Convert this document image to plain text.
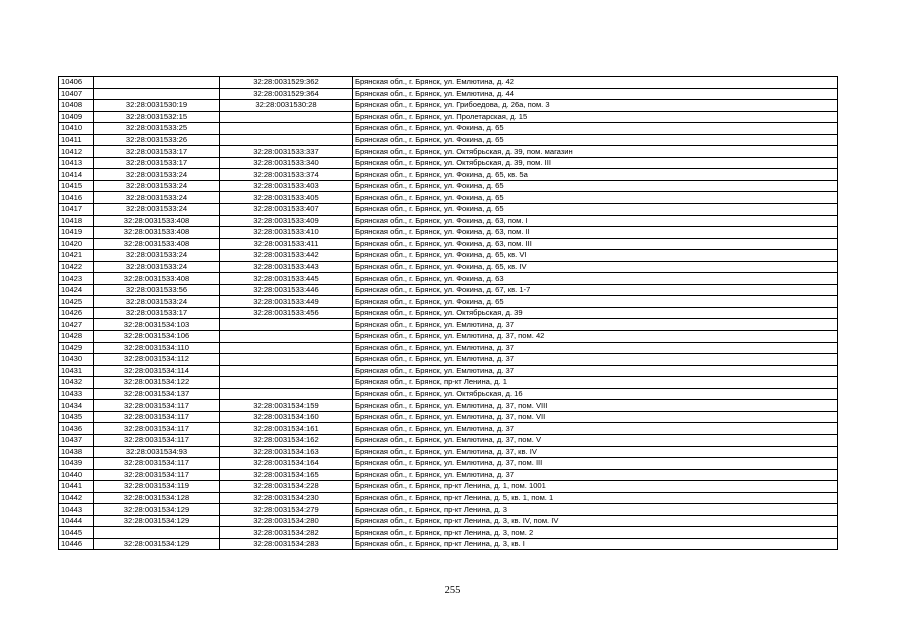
10406		32:28:0031529:362	Брянская обл., г. Брянск, ул. Емлютина, д. 42
10407		32:28:0031529:364	Брянская обл., г. Брянск, ул. Емлютина, д. 44
10408	32:28:0031530:19	32:28:0031530:28	Брянская обл., г. Брянск, ул. Грибоедова, д. 26а, пом. 3
10409	32:28:0031532:15		Брянская обл., г. Брянск, ул. Пролетарская, д. 15
10410	32:28:0031533:25		Брянская обл., г. Брянск, ул. Фокина, д. 65
10411	32:28:0031533:26		Брянская обл., г. Брянск, ул. Фокина, д. 65
10412	32:28:0031533:17	32:28:0031533:337	Брянская обл., г. Брянск, ул. Октябрьская, д. 39, пом. магазин
10413	32:28:0031533:17	32:28:0031533:340	Брянская обл., г. Брянск, ул. Октябрьская, д. 39, пом. III
10414	32:28:0031533:24	32:28:0031533:374	Брянская обл., г. Брянск, ул. Фокина, д. 65, кв. 5а
10415	32:28:0031533:24	32:28:0031533:403	Брянская обл., г. Брянск, ул. Фокина, д. 65
10416	32:28:0031533:24	32:28:0031533:405	Брянская обл., г. Брянск, ул. Фокина, д. 65
10417	32:28:0031533:24	32:28:0031533:407	Брянская обл., г. Брянск, ул. Фокина, д. 65
10418	32:28:0031533:408	32:28:0031533:409	Брянская обл., г. Брянск, ул. Фокина, д. 63, пом. I
10419	32:28:0031533:408	32:28:0031533:410	Брянская обл., г. Брянск, ул. Фокина, д. 63, пом. II
10420	32:28:0031533:408	32:28:0031533:411	Брянская обл., г. Брянск, ул. Фокина, д. 63, пом. III
10421	32:28:0031533:24	32:28:0031533:442	Брянская обл., г. Брянск, ул. Фокина, д. 65, кв. VI
10422	32:28:0031533:24	32:28:0031533:443	Брянская обл., г. Брянск, ул. Фокина, д. 65, кв. IV
10423	32:28:0031533:408	32:28:0031533:445	Брянская обл., г. Брянск, ул. Фокина, д. 63
10424	32:28:0031533:56	32:28:0031533:446	Брянская обл., г. Брянск, ул. Фокина, д. 67, кв. 1-7
10425	32:28:0031533:24	32:28:0031533:449	Брянская обл., г. Брянск, ул. Фокина, д. 65
10426	32:28:0031533:17	32:28:0031533:456	Брянская обл., г. Брянск, ул. Октябрьская, д. 39
10427	32:28:0031534:103		Брянская обл., г. Брянск, ул. Емлютина, д. 37
10428	32:28:0031534:106		Брянская обл., г. Брянск, ул. Емлютина, д. 37, пом. 42
10429	32:28:0031534:110		Брянская обл., г. Брянск, ул. Емлютина, д. 37
10430	32:28:0031534:112		Брянская обл., г. Брянск, ул. Емлютина, д. 37
10431	32:28:0031534:114		Брянская обл., г. Брянск, ул. Емлютина, д. 37
10432	32:28:0031534:122		Брянская обл., г. Брянск, пр-кт Ленина, д. 1
10433	32:28:0031534:137		Брянская обл., г. Брянск, ул. Октябрьская, д. 16
10434	32:28:0031534:117	32:28:0031534:159	Брянская обл., г. Брянск, ул. Емлютина, д. 37, пом. VIII
10435	32:28:0031534:117	32:28:0031534:160	Брянская обл., г. Брянск, ул. Емлютина, д. 37, пом. VII
10436	32:28:0031534:117	32:28:0031534:161	Брянская обл., г. Брянск, ул. Емлютина, д. 37
10437	32:28:0031534:117	32:28:0031534:162	Брянская обл., г. Брянск, ул. Емлютина, д. 37, пом. V
10438	32:28:0031534:93	32:28:0031534:163	Брянская обл., г. Брянск, ул. Емлютина, д. 37, кв. IV
10439	32:28:0031534:117	32:28:0031534:164	Брянская обл., г. Брянск, ул. Емлютина, д. 37, пом. III
10440	32:28:0031534:117	32:28:0031534:165	Брянская обл., г. Брянск, ул. Емлютина, д. 37
10441	32:28:0031534:119	32:28:0031534:228	Брянская обл., г. Брянск, пр-кт Ленина, д. 1, пом. 1001
10442	32:28:0031534:128	32:28:0031534:230	Брянская обл., г. Брянск, пр-кт Ленина, д. 5, кв. 1, пом. 1
10443	32:28:0031534:129	32:28:0031534:279	Брянская обл., г. Брянск, пр-кт Ленина, д. 3
10444	32:28:0031534:129	32:28:0031534:280	Брянская обл., г. Брянск, пр-кт Ленина, д. 3, кв. IV, пом. IV
10445		32:28:0031534:282	Брянская обл., г. Брянск, пр-кт Ленина, д. 3, пом. 2
10446	32:28:0031534:129	32:28:0031534:283	Брянская обл., г. Брянск, пр-кт Ленина, д. 3, кв. I
255
